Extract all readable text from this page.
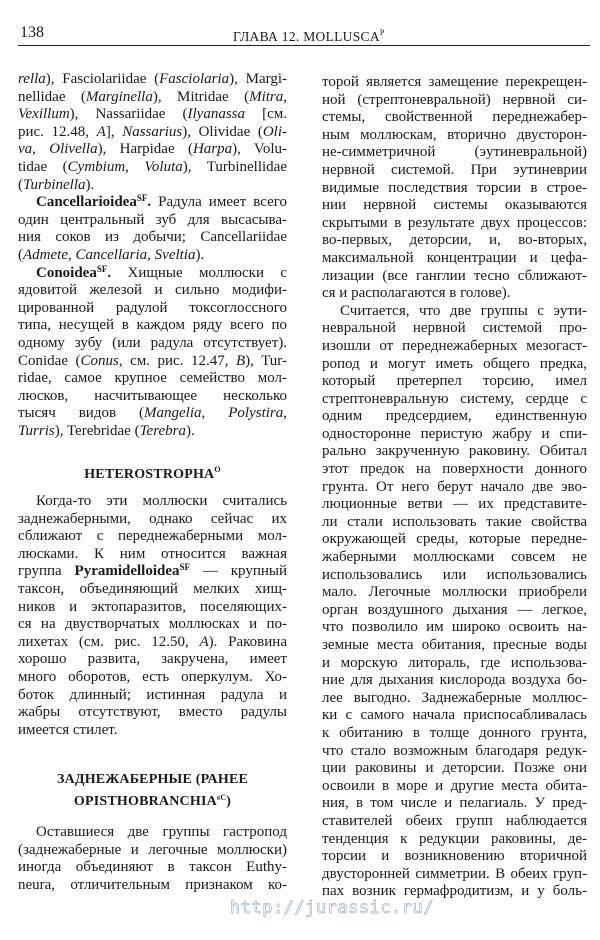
138	ГЛАВА 12. $MOLLUSCA^P$
rella), Fasciolariidae (Fasciolaria), Margi-
nellidae (Marginella), Mitridae (Mitra,
Vexillum), Nassariidae (Ilyanassa [см.
рис. 12.48, A], Nassarius), Olividae (Oli-
va, Olivella), Harpidae (Harpa), Volu-
tidae (Cymbium, Voluta), Turbinellidae
(Turbinella).
Cancellarioidea$^{SF}$. Радула имеет всего
один центральный зуб для высасыва-
ния соков из добычи; Cancellariidae
(Admete, Cancellaria, Sveltia).
Conoidea$^{SF}$. Хищные моллюски с
ядовитой железой и сильно модифи-
цированной радулой токсоглоссного
типа, несущей в каждом ряду всего по
одному зубу (или радула отсутствует).
Conidae (Conus, см. рис. 12.47, B), Tur-
ridae, самое крупное семейство мол-
люсков, насчитывающее несколько
тысяч видов (Mangelia, Polystira,
Turris), Terebridae (Terebra).
$HETEROSTROPHA^O$
Когда-то эти моллюски считались
заднежаберными, однако сейчас их
сближают с переднежаберными мол-
люсками. К ним относится важная
группа Pyramidelloidea$^{SF}$ — крупный
таксон, объединяющий мелких хищ-
ников и эктопаразитов, поселяющих-
ся на двустворчатых моллюсках и по-
лихетах (см. рис. 12.50, A). Раковина
хорошо развита, закручена, имеет
много оборотов, есть оперкулум. Хо-
боток длинный; истинная радула и
жабры отсутствуют, вместо радулы
имеется стилет.
ЗАДНЕЖАБЕРНЫЕ (РАНЕЕ
$OPISTHOBRANCHIA^{sC}$)
Оставшиеся две группы гастропод
(заднежаберные и легочные моллюски)
иногда объединяют в таксон Euthy-
neura, отличительным признаком ко-
торой является замещение перекрещен-
ной (стрептоневральной) нервной си-
стемы, свойственной переднежабер-
ным моллюскам, вторично двусторон-
не-симметричной (эутиневральной)
нервной системой. При эутиневрии
видимые последствия торсии в строе-
нии нервной системы оказываются
скрытыми в результате двух процессов:
во-первых, деторсии, и, во-вторых,
максимальной концентрации и цефа-
лизации (все ганглии тесно сближают-
ся и располагаются в голове).
Считается, что две группы с эути-
невральной нервной системой про-
изошли от переднежаберных мезогаст-
ропод и могут иметь общего предка,
который претерпел торсию, имел
стрептоневральную систему, сердце с
одним предсердием, единственную
односторонне перистую жабру и спи-
рально закрученную раковину. Обитал
этот предок на поверхности донного
грунта. От него берут начало две эво-
люционные ветви — их представите-
ли стали использовать такие свойства
окружающей среды, которые передне-
жаберными моллюсками совсем не
использовались или использовались
мало. Легочные моллюски приобрели
орган воздушного дыхания — легкое,
что позволило им широко освоить на-
земные места обитания, пресные воды
и морскую литораль, где использова-
ние для дыхания кислорода воздуха бо-
лее выгодно. Заднежаберные моллюс-
ки с самого начала приспосабливалась
к обитанию в толще донного грунта,
что стало возможным благодаря редук-
ции раковины и деторсии. Позже они
освоили в море и другие места обита-
ния, в том числе и пелагиаль. У пред-
ставителей обеих групп наблюдается
тенденция к редукции раковины, де-
торсии и возникновению вторичной
двусторонней симметрии. В обеих груп-
пах возник гермафродитизм, и у боль-
http://jurassic.ru/
